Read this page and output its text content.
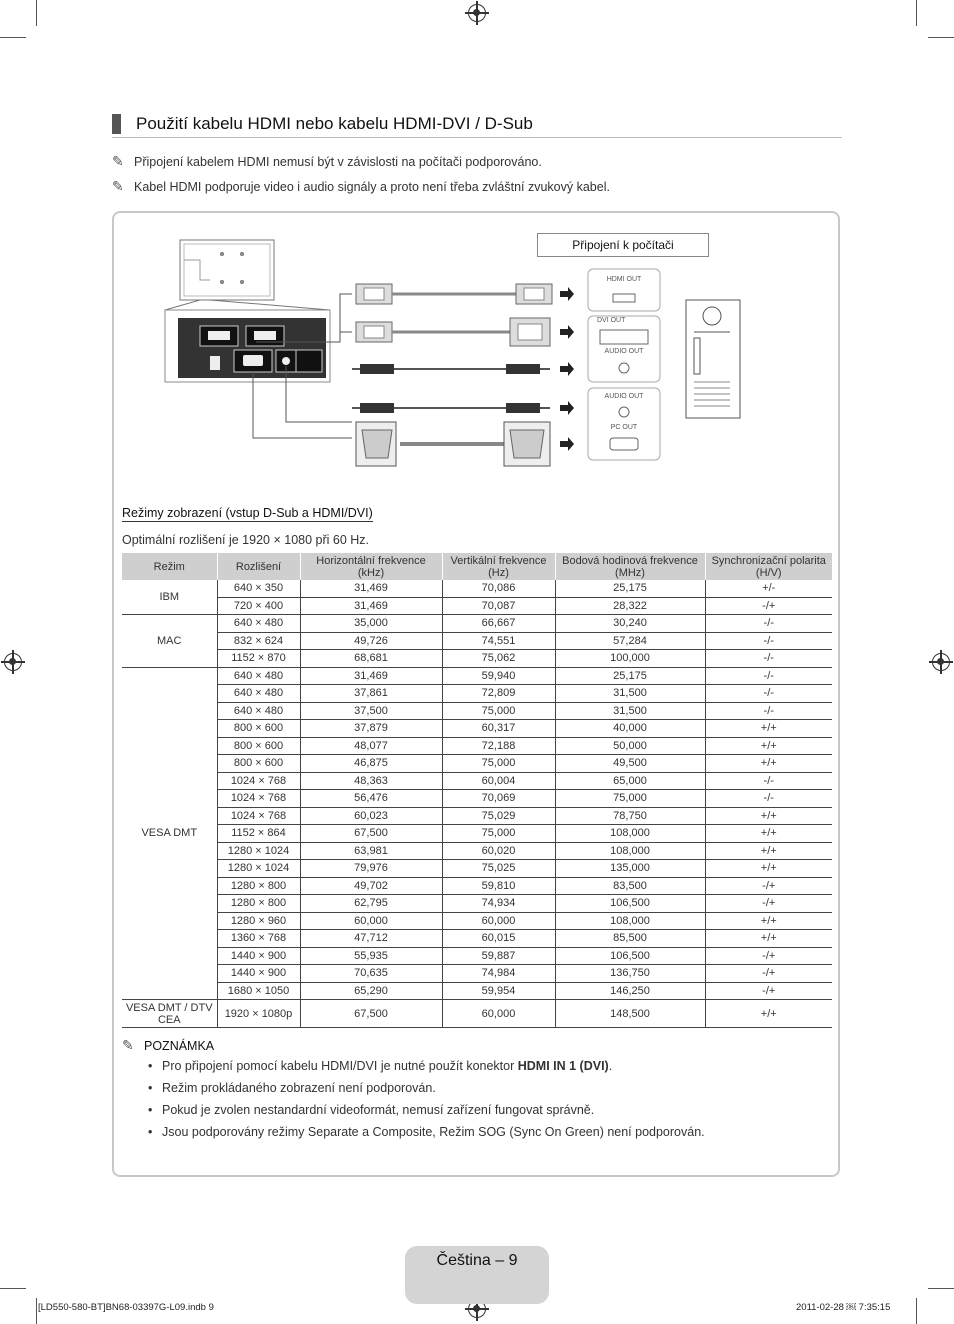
Použití kabelu HDMI nebo kabelu HDMI-DVI / D-Sub
✎ Připojení kabelem HDMI nemusí být v závislosti na počítači podporováno.
✎ Kabel HDMI podporuje video i audio signály a proto není třeba zvláštní zvukový kabel.
Připojení k počítači
HDMI OUT
DVI OUT
AUDIO OUT
AUDIO OUT
PC OUT
Režimy zobrazení (vstup D-Sub a HDMI/DVI)
Optimální rozlišení je 1920 × 1080 při 60 Hz.
Režim	Rozlišení	Horizontální frekvence (kHz)	Vertikální frekvence (Hz)	Bodová hodinová frekvence (MHz)	Synchronizační polarita (H/V)
IBM	640 × 350	31,469	70,086	25,175	+/-
	720 × 400	31,469	70,087	28,322	-/+
MAC	640 × 480	35,000	66,667	30,240	-/-
	832 × 624	49,726	74,551	57,284	-/-
	1152 × 870	68,681	75,062	100,000	-/-
VESA DMT	640 × 480	31,469	59,940	25,175	-/-
	640 × 480	37,861	72,809	31,500	-/-
	640 × 480	37,500	75,000	31,500	-/-
	800 × 600	37,879	60,317	40,000	+/+
	800 × 600	48,077	72,188	50,000	+/+
	800 × 600	46,875	75,000	49,500	+/+
	1024 × 768	48,363	60,004	65,000	-/-
	1024 × 768	56,476	70,069	75,000	-/-
	1024 × 768	60,023	75,029	78,750	+/+
	1152 × 864	67,500	75,000	108,000	+/+
	1280 × 1024	63,981	60,020	108,000	+/+
	1280 × 1024	79,976	75,025	135,000	+/+
	1280 × 800	49,702	59,810	83,500	-/+
	1280 × 800	62,795	74,934	106,500	-/+
	1280 × 960	60,000	60,000	108,000	+/+
	1360 × 768	47,712	60,015	85,500	+/+
	1440 × 900	55,935	59,887	106,500	-/+
	1440 × 900	70,635	74,984	136,750	-/+
	1680 × 1050	65,290	59,954	146,250	-/+
VESA DMT / DTV CEA	1920 × 1080p	67,500	60,000	148,500	+/+
✎ POZNÁMKA
• Pro připojení pomocí kabelu HDMI/DVI je nutné použít konektor HDMI IN 1 (DVI).
• Režim prokládaného zobrazení není podporován.
• Pokud je zvolen nestandardní videoformát, nemusí zařízení fungovat správně.
• Jsou podporovány režimy Separate a Composite, Režim SOG (Sync On Green) není podporován.
Čeština – 9
[LD550-580-BT]BN68-03397G-L09.indb 9	2011-02-28 ￼ 7:35:15
